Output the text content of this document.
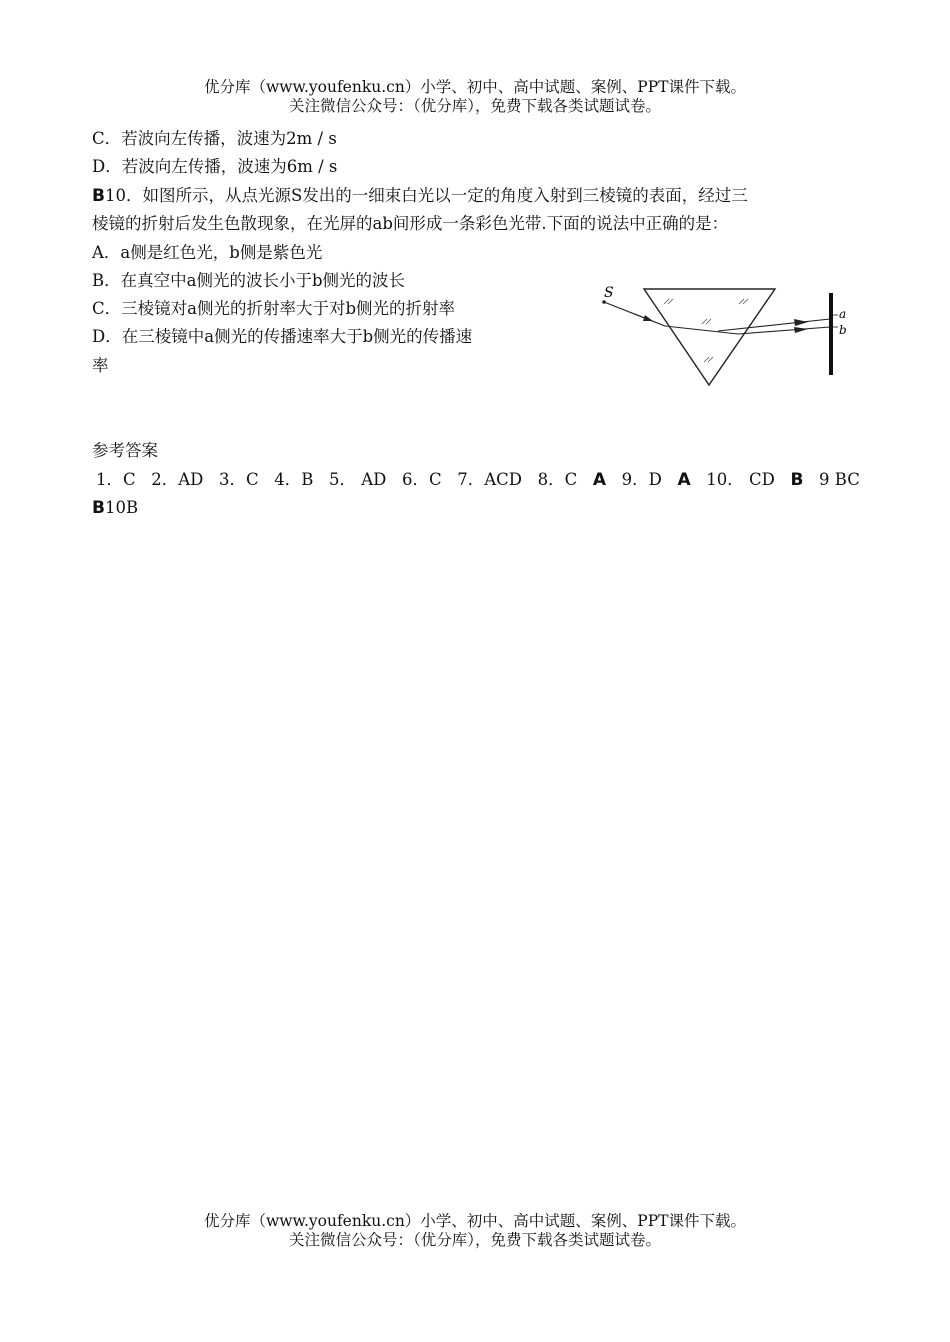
优分库（www.youfenku.cn）小学、初中、高中试题、案例、PPT课件下载。
关注微信公众号：（优分库），免费下载各类试题试卷。
C．若波向左传播，波速为2m / s
D．若波向左传播，波速为6m / s
B10．如图所示，从点光源S发出的一细束白光以一定的角度入射到三棱镜的表面，经过三
棱镜的折射后发生色散现象，在光屏的ab间形成一条彩色光带.下面的说法中正确的是：
A．a侧是红色光，b侧是紫色光
B．在真空中a侧光的波长小于b侧光的波长
C．三棱镜对a侧光的折射率大于对b侧光的折射率
D．在三棱镜中a侧光的传播速率大于b侧光的传播速
率
S
a
b
参考答案
1．C 2．AD 3．C 4．B 5． AD 6．C 7．ACD 8．C A 9．D A 10． CD B 9 BC
B10B
优分库（www.youfenku.cn）小学、初中、高中试题、案例、PPT课件下载。
关注微信公众号：（优分库），免费下载各类试题试卷。
